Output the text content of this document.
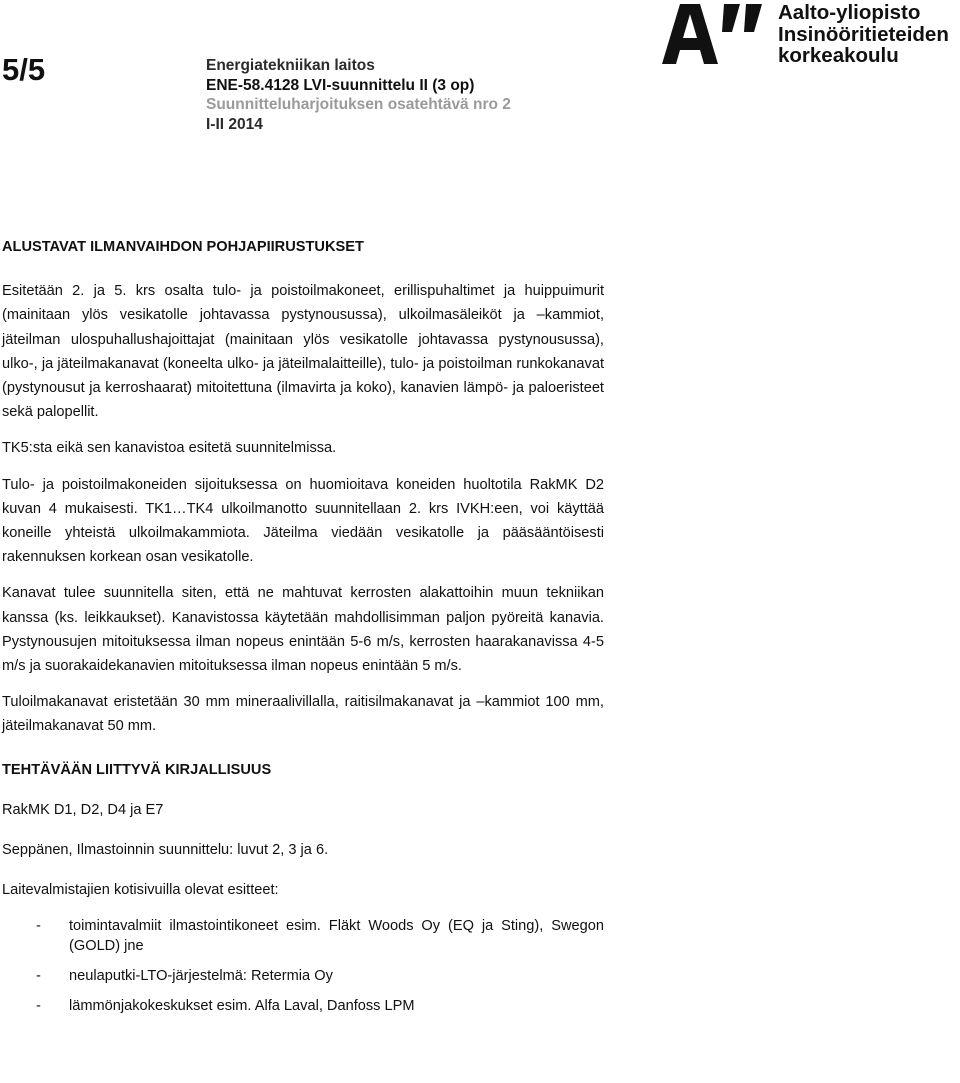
5/5	Energiatekniikan laitos
ENE-58.4128 LVI-suunnittelu II (3 op)
Suunnitteluharjoituksen osatehtävä nro 2
I-II 2014
Aalto-yliopisto
Insinööritieteiden
korkeakoulu
ALUSTAVAT ILMANVAIHDON POHJAPIIRUSTUKSET

Esitetään 2. ja 5. krs osalta tulo- ja poistoilmakoneet, erillispuhaltimet ja huippuimurit (mainitaan ylös vesikatolle johtavassa pystynousussa), ulkoilmasäleiköt ja –kammiot, jäteilman ulospuhallushajoittajat (mainitaan ylös vesikatolle johtavassa pystynousussa), ulko-, ja jäteilmakanavat (koneelta ulko- ja jäteilmalaitteille), tulo- ja poistoilman runkokanavat (pystynousut ja kerroshaarat) mitoitettuna (ilmavirta ja koko), kanavien lämpö- ja paloeristeet sekä palopellit.

TK5:sta eikä sen kanavistoa esitetä suunnitelmissa.

Tulo- ja poistoilmakoneiden sijoituksessa on huomioitava koneiden huoltotila RakMK D2 kuvan 4 mukaisesti. TK1…TK4 ulkoilmanotto suunnitellaan 2. krs IVKH:een, voi käyttää koneille yhteistä ulkoilmakammiota. Jäteilma viedään vesikatolle ja pääsääntöisesti rakennuksen korkean osan vesikatolle.

Kanavat tulee suunnitella siten, että ne mahtuvat kerrosten alakattoihin muun tekniikan kanssa (ks. leikkaukset). Kanavistossa käytetään mahdollisimman paljon pyöreitä kanavia. Pystynousujen mitoituksessa ilman nopeus enintään 5-6 m/s, kerrosten haarakanavissa 4-5 m/s ja suorakaidekanavien mitoituksessa ilman nopeus enintään 5 m/s.

Tuloilmakanavat eristetään 30 mm mineraalivillalla, raitisilmakanavat ja –kammiot 100 mm, jäteilmakanavat 50 mm.

TEHTÄVÄÄN LIITTYVÄ KIRJALLISUUS

RakMK D1, D2, D4 ja E7

Seppänen, Ilmastoinnin suunnittelu: luvut 2, 3 ja 6.

Laitevalmistajien kotisivuilla olevat esitteet:

- toimintavalmiit ilmastointikoneet esim. Fläkt Woods Oy (EQ ja Sting), Swegon (GOLD) jne
- neulaputki-LTO-järjestelmä: Retermia Oy
- lämmönjakokeskukset esim. Alfa Laval, Danfoss LPM
